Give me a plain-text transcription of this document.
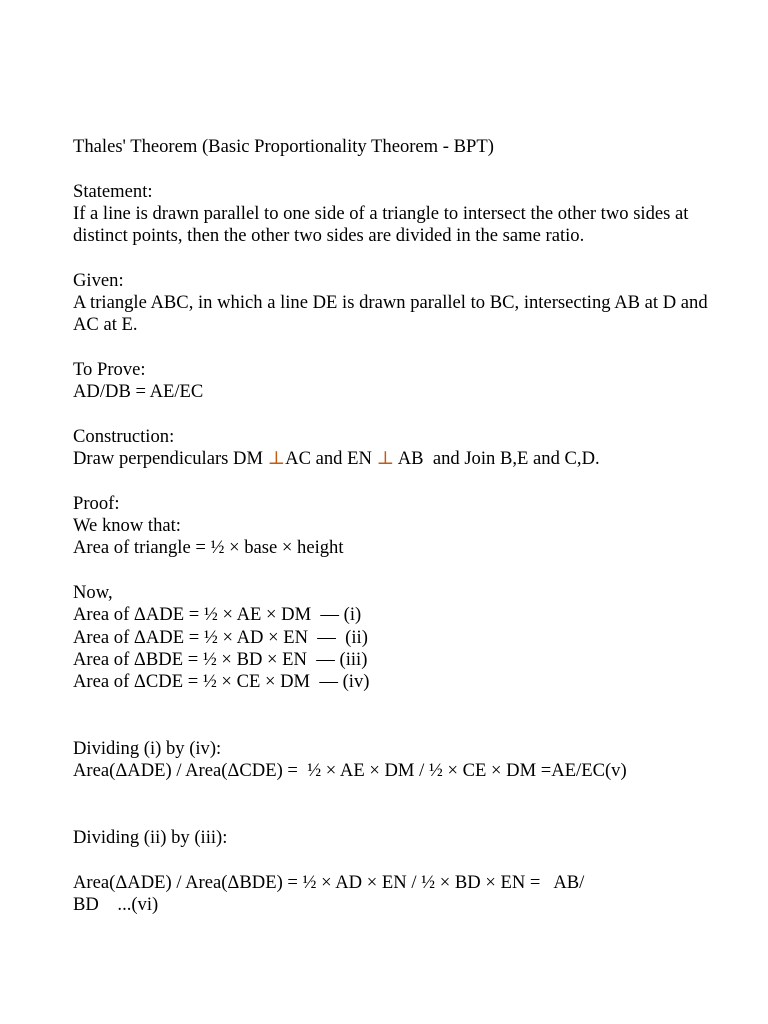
Thales' Theorem (Basic Proportionality Theorem - BPT)
Statement:
If a line is drawn parallel to one side of a triangle to intersect the other two sides at distinct points, then the other two sides are divided in the same ratio.
Given:
A triangle ABC, in which a line DE is drawn parallel to BC, intersecting AB at D and AC at E.
To Prove:
AD/DB = AE/EC
Construction:
Draw perpendiculars DM ⊥AC and EN ⊥ AB  and Join B,E and C,D.
Proof:
We know that:
Area of triangle = ½ × base × height
Now,
Area of ΔADE = ½ × AE × DM  — (i)
Area of ΔADE = ½ × AD × EN  —  (ii)
Area of ΔBDE = ½ × BD × EN  — (iii)
Area of ΔCDE = ½ × CE × DM  — (iv)
Dividing (i) by (iv):
Area(ΔADE) / Area(ΔCDE) =  ½ × AE × DM / ½ × CE × DM =AE/EC(v)
Dividing (ii) by (iii):
Area(ΔADE) / Area(ΔBDE) = ½ × AD × EN / ½ × BD × EN =   AB/
BD    ...(vi)
